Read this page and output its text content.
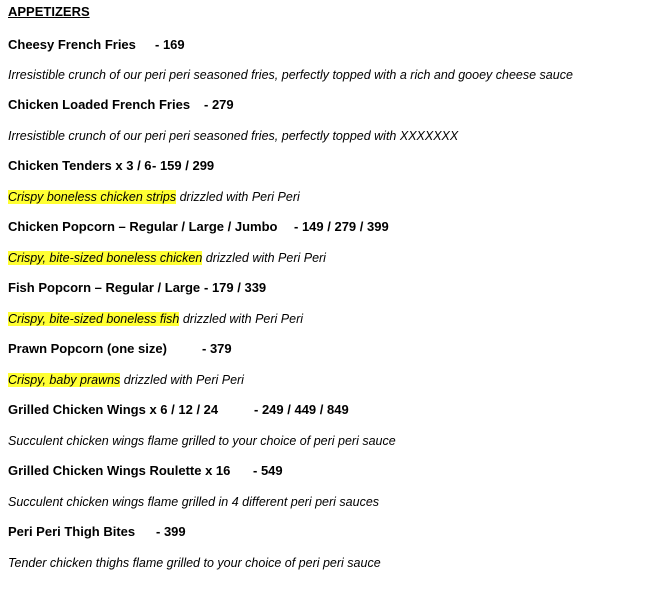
APPETIZERS
Cheesy French Fries - 169
Irresistible crunch of our peri peri seasoned fries, perfectly topped with a rich and gooey cheese sauce
Chicken Loaded French Fries - 279
Irresistible crunch of our peri peri seasoned fries, perfectly topped with XXXXXXX
Chicken Tenders x 3 / 6 - 159 / 299
Crispy boneless chicken strips drizzled with Peri Peri
Chicken Popcorn – Regular / Large / Jumbo - 149 / 279 / 399
Crispy, bite-sized boneless chicken drizzled with Peri Peri
Fish Popcorn – Regular / Large - 179 / 339
Crispy, bite-sized boneless fish drizzled with Peri Peri
Prawn Popcorn (one size)	- 379
Crispy, baby prawns drizzled with Peri Peri
Grilled Chicken Wings x 6 / 12 / 24	- 249 / 449 / 849
Succulent chicken wings flame grilled to your choice of peri peri sauce
Grilled Chicken Wings Roulette x 16 - 549
Succulent chicken wings flame grilled in 4 different peri peri sauces
Peri Peri Thigh Bites - 399
Tender chicken thighs flame grilled to your choice of peri peri sauce
